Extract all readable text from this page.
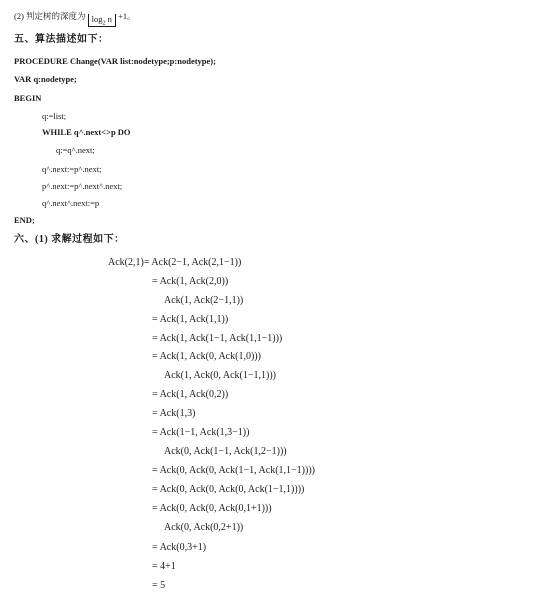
(2) 判定树的深度为 $\log_2 n +1$。
五、算法描述如下：
PROCEDURE Change(VAR list:nodetype;p:nodetype);
VAR q:nodetype;
BEGIN
q:=list;
WHILE q^.next<>p DO
q:=q^.next;
q^.next:=p^.next;
p^.next:=p^.next^.next;
q^.next^.next:=p
END;
六、(1) 求解过程如下：
Ack(2,1)= Ack(2−1, Ack(2,1−1))
= Ack(1, Ack(2,0))
Ack(1, Ack(2−1,1))
= Ack(1, Ack(1,1))
= Ack(1, Ack(1−1, Ack(1,1−1)))
= Ack(1, Ack(0, Ack(1,0)))
Ack(1, Ack(0, Ack(1−1,1)))
= Ack(1, Ack(0,2))
= Ack(1,3)
= Ack(1−1, Ack(1,3−1))
Ack(0, Ack(1−1, Ack(1,2−1)))
= Ack(0, Ack(0, Ack(1−1, Ack(1,1−1))))
= Ack(0, Ack(0, Ack(0, Ack(1−1,1))))
= Ack(0, Ack(0, Ack(0,1+1)))
Ack(0, Ack(0,2+1))
= Ack(0,3+1)
= 4+1
= 5
